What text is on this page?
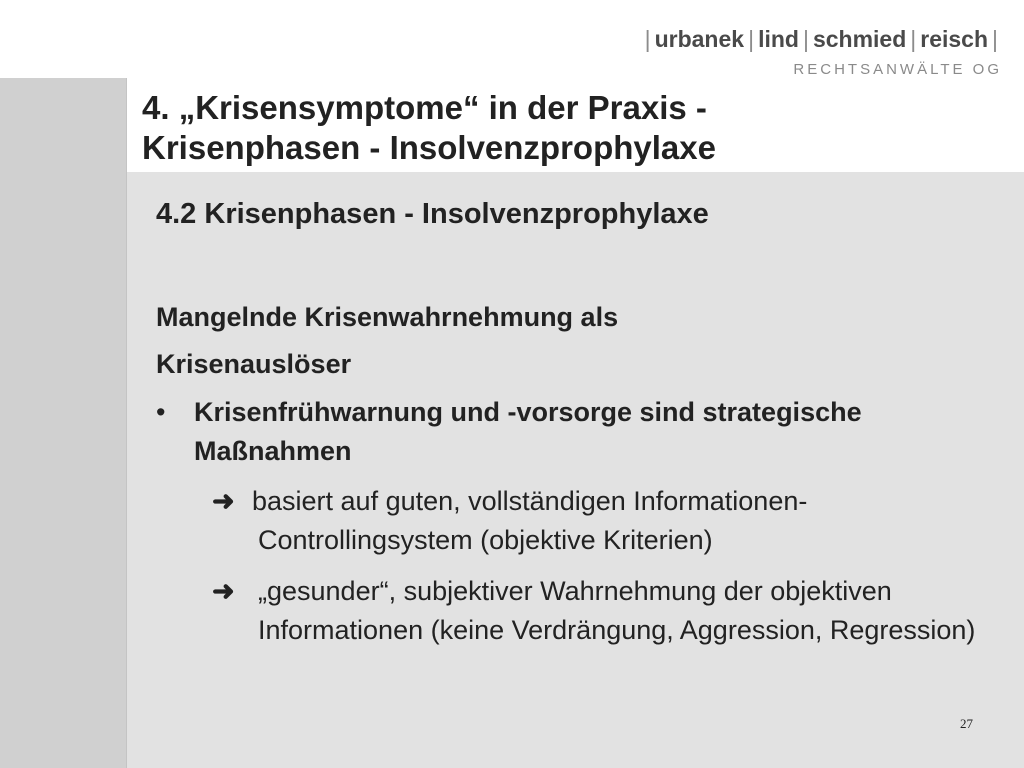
| urbanek | lind | schmied | reisch |
RECHTSANWÄLTE OG
4. „Krisensymptome“ in der Praxis -
Krisenphasen - Insolvenzprophylaxe
4.2 Krisenphasen - Insolvenzprophylaxe
Mangelnde Krisenwahrnehmung als
Krisenauslöser
•	Krisenfrühwarnung und -vorsorge sind strategische Maßnahmen
➜ basiert auf guten, vollständigen Informationen-Controllingsystem (objektive Kriterien)
➜ „gesunder“, subjektiver Wahrnehmung der objektiven Informationen (keine Verdrängung, Aggression, Regression)
27
